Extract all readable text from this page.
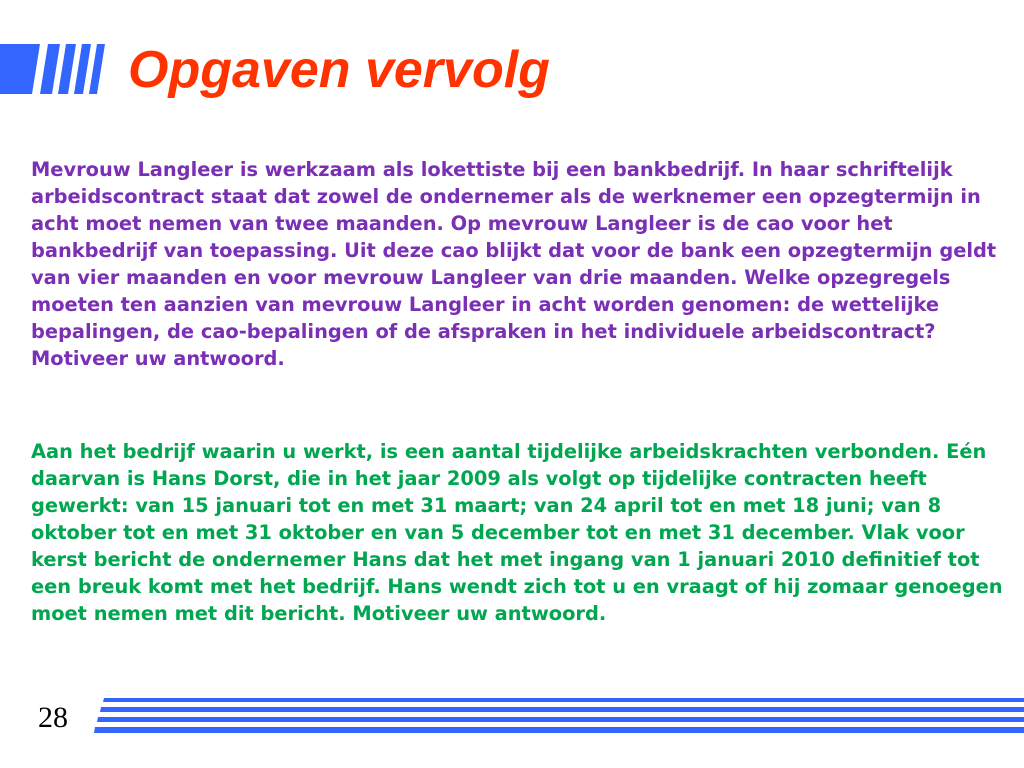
Opgaven vervolg

Mevrouw Langleer is werkzaam als lokettiste bij een bankbedrijf. In haar schriftelijk arbeidscontract staat dat zowel de ondernemer als de werknemer een opzegtermijn in acht moet nemen van twee maanden. Op mevrouw Langleer is de cao voor het bankbedrijf van toepassing. Uit deze cao blijkt dat voor de bank een opzegtermijn geldt van vier maanden en voor mevrouw Langleer van drie maanden. Welke opzegregels moeten ten aanzien van mevrouw Langleer in acht worden genomen: de wettelijke bepalingen, de cao-bepalingen of de afspraken in het individuele arbeidscontract? Motiveer uw antwoord.

Aan het bedrijf waarin u werkt, is een aantal tijdelijke arbeidskrachten verbonden. Eén daarvan is Hans Dorst, die in het jaar 2009 als volgt op tijdelijke contracten heeft gewerkt: van 15 januari tot en met 31 maart; van 24 april tot en met 18 juni; van 8 oktober tot en met 31 oktober en van 5 december tot en met 31 december. Vlak voor kerst bericht de ondernemer Hans dat het met ingang van 1 januari 2010 definitief tot een breuk komt met het bedrijf. Hans wendt zich tot u en vraagt of hij zomaar genoegen moet nemen met dit bericht. Motiveer uw antwoord.

28
